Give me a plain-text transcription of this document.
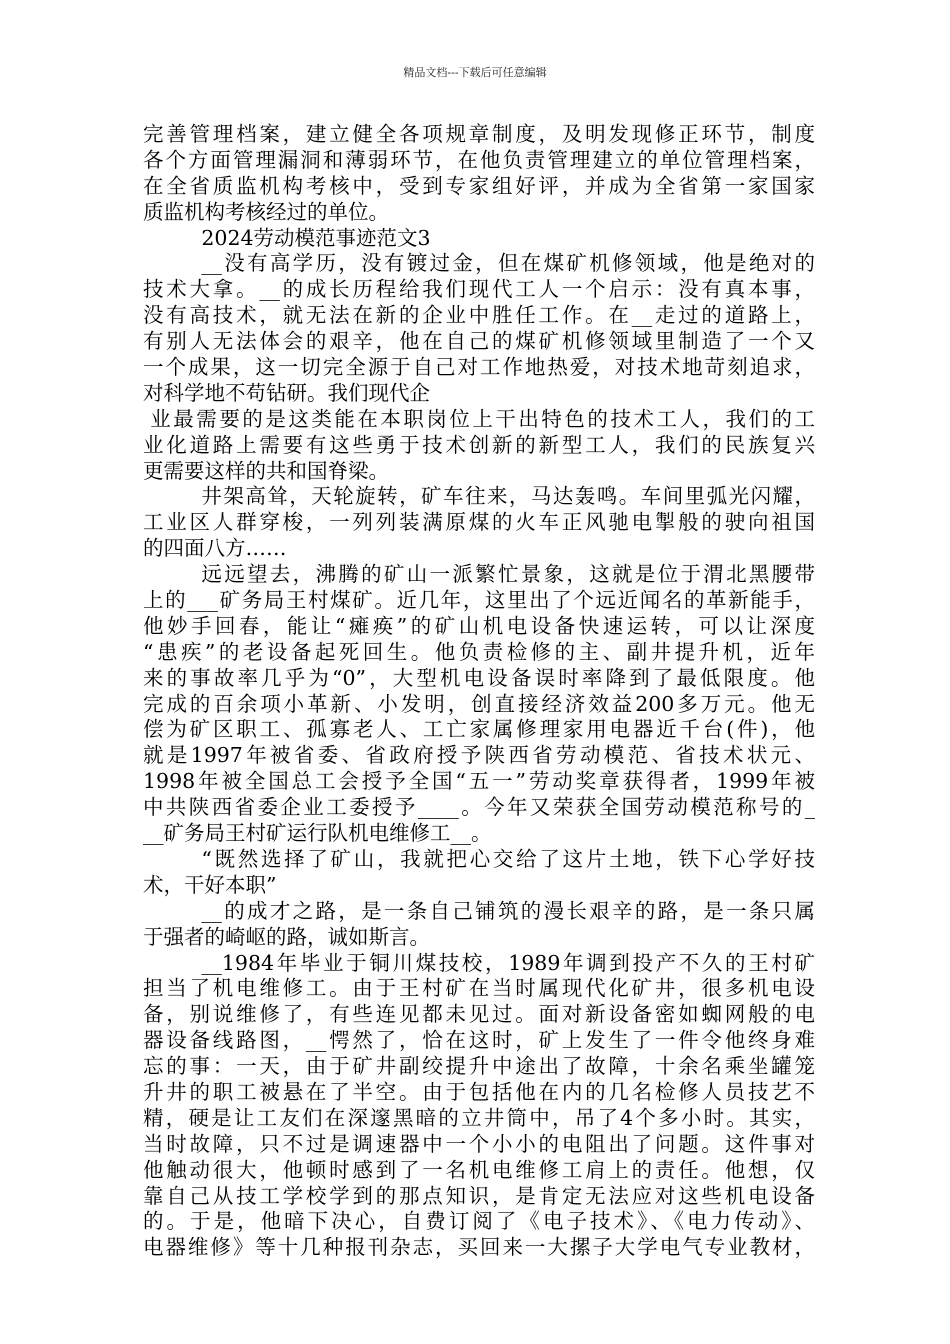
精品文档---下载后可任意编辑
完善管理档案，建立健全各项规章制度，及明发现修正环节，制度
各个方面管理漏洞和薄弱环节，在他负责管理建立的单位管理档案，
在全省质监机构考核中，受到专家组好评，并成为全省第一家国家
质监机构考核经过的单位。
2024劳动模范事迹范文3
__没有高学历，没有镀过金，但在煤矿机修领域，他是绝对的
技术大拿。__的成长历程给我们现代工人一个启示：没有真本事，
没有高技术，就无法在新的企业中胜任工作。在__走过的道路上，
有别人无法体会的艰辛，他在自己的煤矿机修领域里制造了一个又
一个成果，这一切完全源于自己对工作地热爱，对技术地苛刻追求，
对科学地不苟钻研。我们现代企
业最需要的是这类能在本职岗位上干出特色的技术工人，我们的工
业化道路上需要有这些勇于技术创新的新型工人，我们的民族复兴
更需要这样的共和国脊梁。
井架高耸，天轮旋转，矿车往来，马达轰鸣。车间里弧光闪耀，
工业区人群穿梭，一列列装满原煤的火车正风驰电掣般的驶向祖国
的四面八方……
远远望去，沸腾的矿山一派繁忙景象，这就是位于渭北黑腰带
上的___矿务局王村煤矿。近几年，这里出了个远近闻名的革新能手，
他妙手回春，能让“瘫痪”的矿山机电设备快速运转，可以让深度
“患疾”的老设备起死回生。他负责检修的主、副井提升机，近年
来的事故率几乎为“0”，大型机电设备误时率降到了最低限度。他
完成的百余项小革新、小发明，创直接经济效益200多万元。他无
偿为矿区职工、孤寡老人、工亡家属修理家用电器近千台(件)，他
就是1997年被省委、省政府授予陕西省劳动模范、省技术状元、
1998年被全国总工会授予全国“五一”劳动奖章获得者，1999年被
中共陕西省委企业工委授予____。今年又荣获全国劳动模范称号的_
__矿务局王村矿运行队机电维修工__。
“既然选择了矿山，我就把心交给了这片土地，铁下心学好技
术，干好本职”
__的成才之路，是一条自己铺筑的漫长艰辛的路，是一条只属
于强者的崎岖的路，诚如斯言。
__1984年毕业于铜川煤技校，1989年调到投产不久的王村矿
担当了机电维修工。由于王村矿在当时属现代化矿井，很多机电设
备，别说维修了，有些连见都未见过。面对新设备密如蜘网般的电
器设备线路图，__愕然了，恰在这时，矿上发生了一件令他终身难
忘的事：一天，由于矿井副绞提升中途出了故障，十余名乘坐罐笼
升井的职工被悬在了半空。由于包括他在内的几名检修人员技艺不
精，硬是让工友们在深邃黑暗的立井筒中，吊了4个多小时。其实，
当时故障，只不过是调速器中一个小小的电阻出了问题。这件事对
他触动很大，他顿时感到了一名机电维修工肩上的责任。他想，仅
靠自己从技工学校学到的那点知识，是肯定无法应对这些机电设备
的。于是，他暗下决心，自费订阅了《电子技术》、《电力传动》、
电器维修》等十几种报刊杂志，买回来一大摞子大学电气专业教材，
